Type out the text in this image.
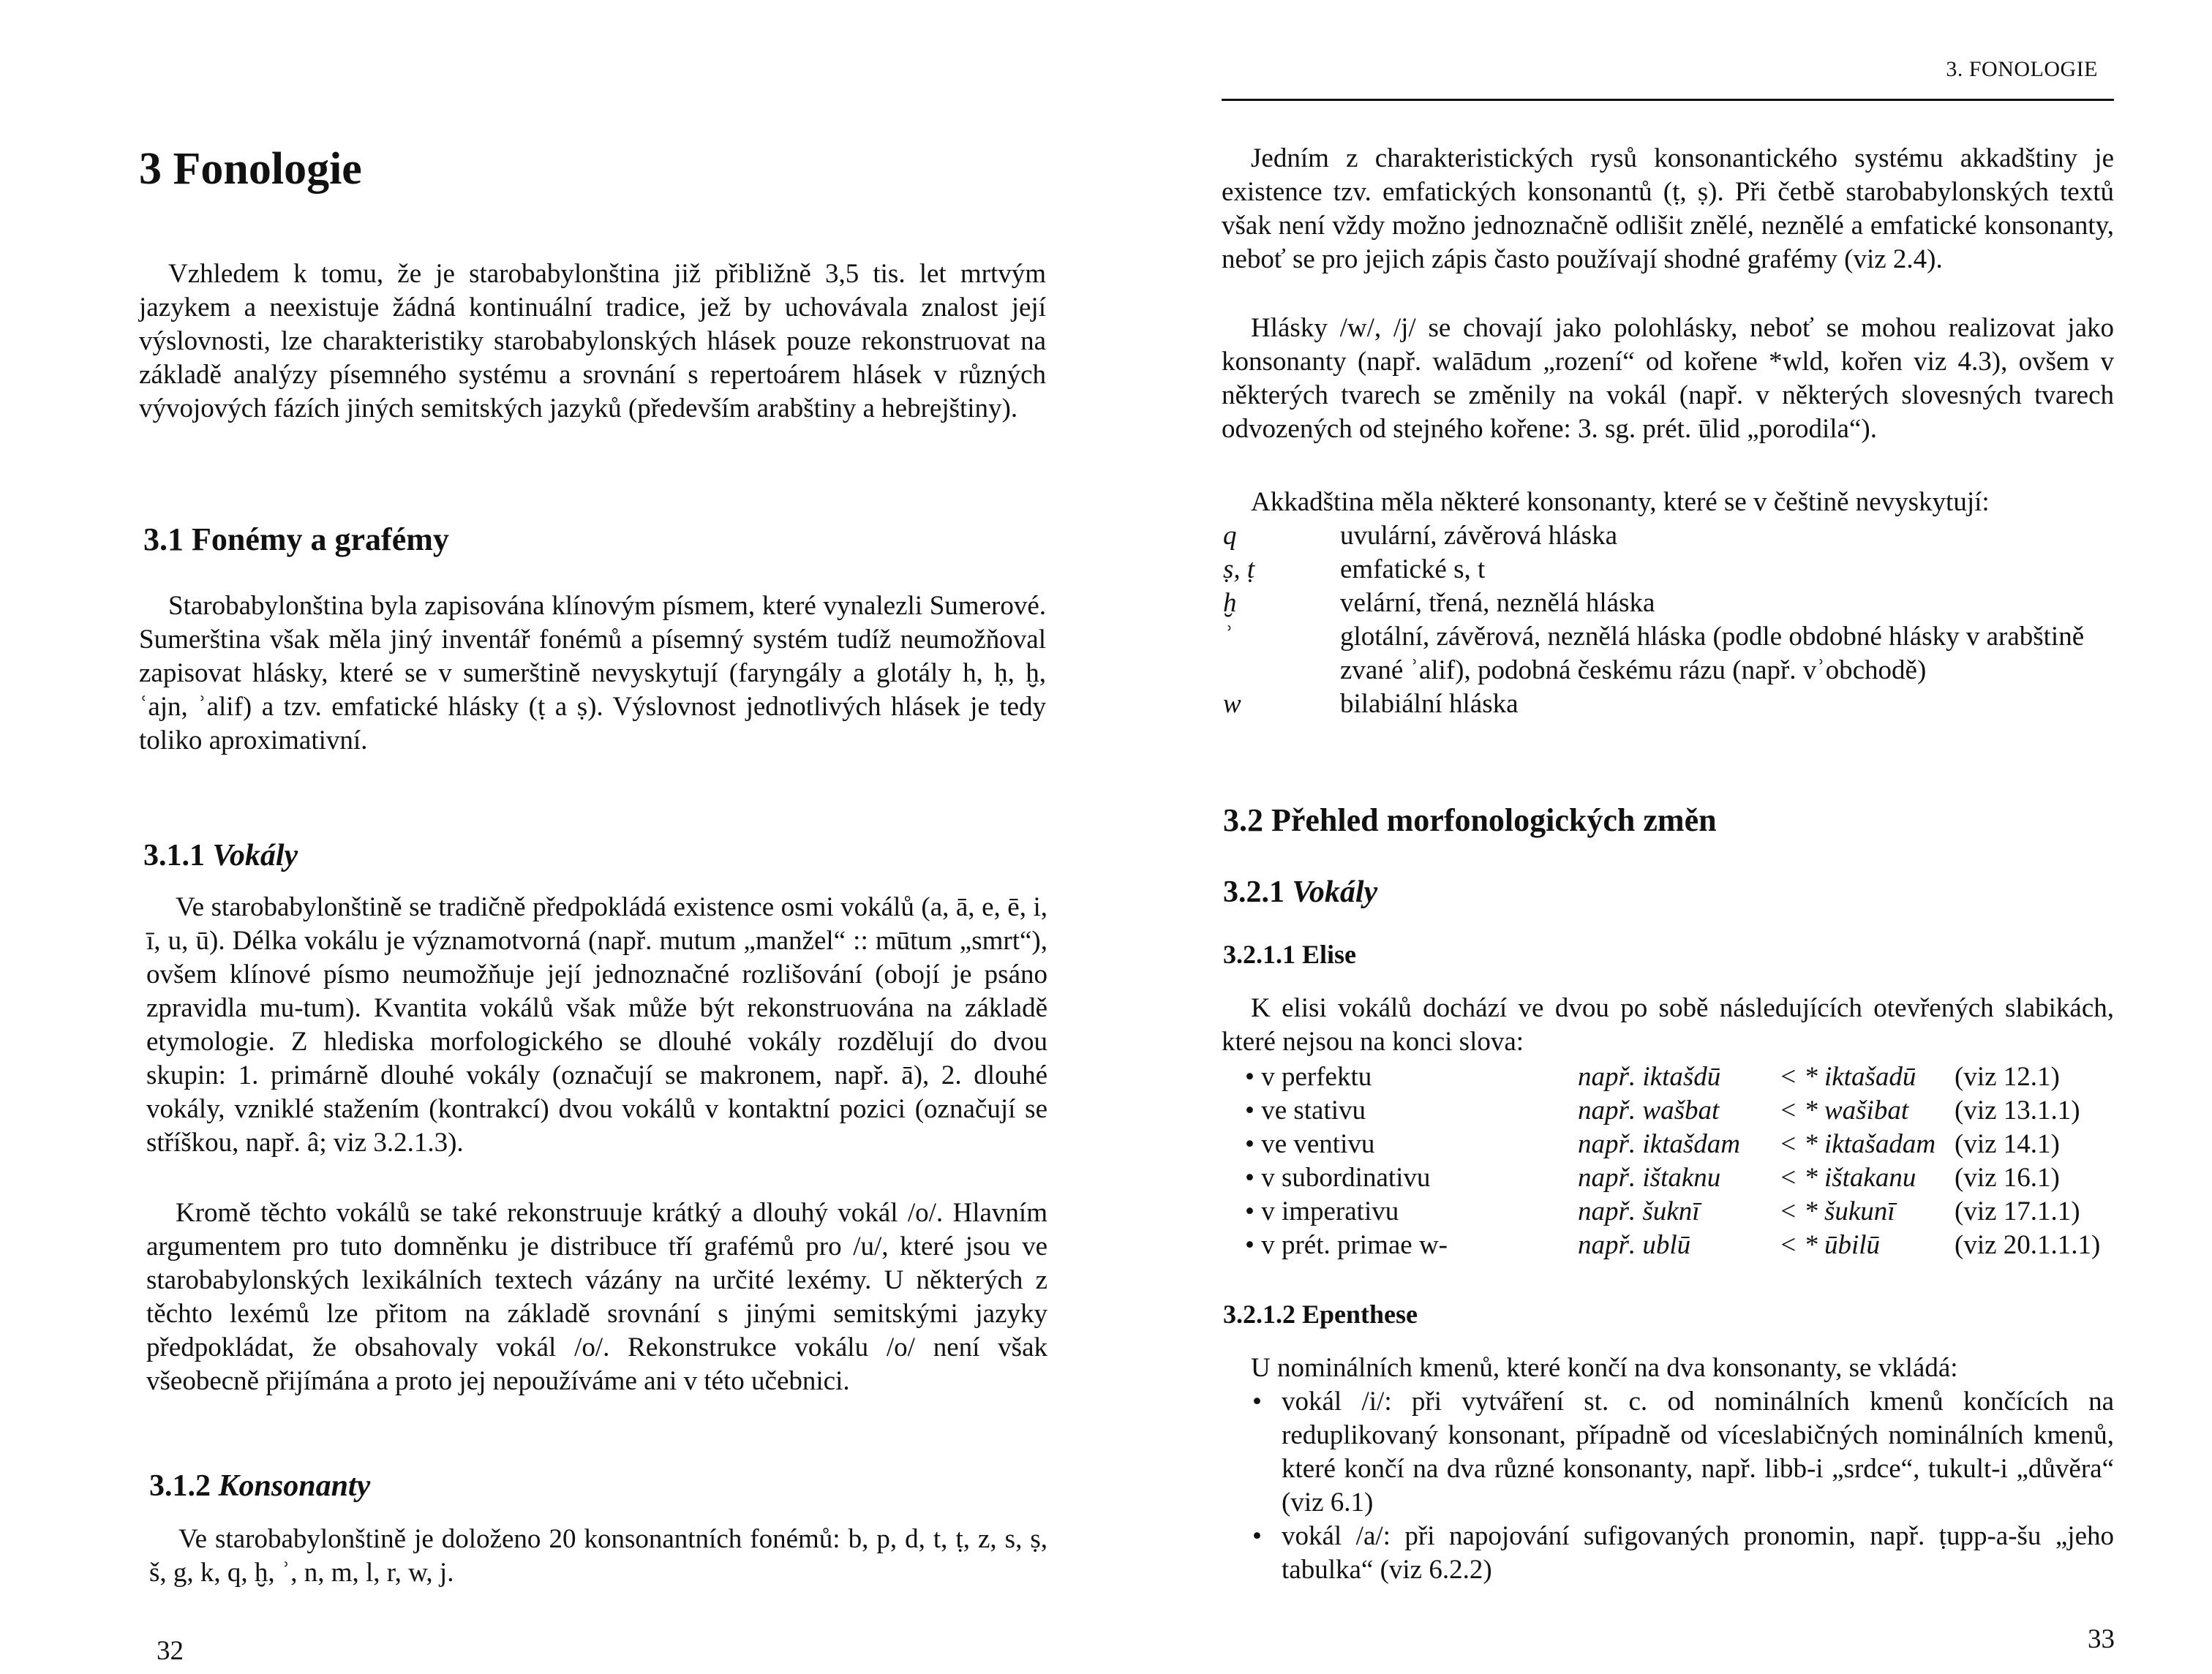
3. FONOLOGIE
3 Fonologie

Vzhledem k tomu, že je starobabylonština již přibližně 3,5 tis. let mrtvým jazykem a neexistuje žádná kontinuální tradice, jež by uchovávala znalost její výslovnosti, lze charakteristiky starobabylonských hlásek pouze rekonstruovat na základě analýzy písemného systému a srovnání s repertoárem hlásek v různých vývojových fázích jiných semitských jazyků (především arabštiny a hebrejštiny).

3.1 Fonémy a grafémy

Starobabylonština byla zapisována klínovým písmem, které vynalezli Sumerové. Sumerština však měla jiný inventář fonémů a písemný systém tudíž neumožňoval zapisovat hlásky, které se v sumerštině nevyskytují (faryngály a glotály h, ḥ, ḫ, ʿajn, ʾalif) a tzv. emfatické hlásky (ṭ a ṣ). Výslovnost jednotlivých hlásek je tedy toliko aproximativní.

3.1.1 Vokály

Ve starobabylonštině se tradičně předpokládá existence osmi vokálů (a, ā, e, ē, i, ī, u, ū). Délka vokálu je významotvorná (např. mutum „manžel“ :: mūtum „smrt“), ovšem klínové písmo neumožňuje její jednoznačné rozlišování (obojí je psáno zpravidla mu-tum). Kvantita vokálů však může být rekonstruována na základě etymologie. Z hlediska morfologického se dlouhé vokály rozdělují do dvou skupin: 1. primárně dlouhé vokály (označují se makronem, např. ā), 2. dlouhé vokály, vzniklé stažením (kontrakcí) dvou vokálů v kontaktní pozici (označují se stříškou, např. â; viz 3.2.1.3).

Kromě těchto vokálů se také rekonstruuje krátký a dlouhý vokál /o/. Hlavním argumentem pro tuto domněnku je distribuce tří grafémů pro /u/, které jsou ve starobabylonských lexikálních textech vázány na určité lexémy. U některých z těchto lexémů lze přitom na základě srovnání s jinými semitskými jazyky předpokládat, že obsahovaly vokál /o/. Rekonstrukce vokálu /o/ není však všeobecně přijímána a proto jej nepoužíváme ani v této učebnici.

3.1.2 Konsonanty

Ve starobabylonštině je doloženo 20 konsonantních fonémů: b, p, d, t, ṭ, z, s, ṣ, š, g, k, q, ḫ, ʾ, n, m, l, r, w, j.

32

Jedním z charakteristických rysů konsonantického systému akkadštiny je existence tzv. emfatických konsonantů (ṭ, ṣ). Při četbě starobabylonských textů však není vždy možno jednoznačně odlišit znělé, neznělé a emfatické konsonanty, neboť se pro jejich zápis často používají shodné grafémy (viz 2.4).

Hlásky /w/, /j/ se chovají jako polohlásky, neboť se mohou realizovat jako konsonanty (např. walādum „rození“ od kořene *wld, kořen viz 4.3), ovšem v některých tvarech se změnily na vokál (např. v některých slovesných tvarech odvozených od stejného kořene: 3. sg. prét. ūlid „porodila“).

Akkadština měla některé konsonanty, které se v češtině nevyskytují:

q	uvulární, závěrová hláska
ṣ, ṭ	emfatické s, t
ḫ	velární, třená, neznělá hláska
ʾ	glotální, závěrová, neznělá hláska (podle obdobné hlásky v arabštině zvané ʾalif), podobná českému rázu (např. vʾobchodě)
w	bilabiální hláska
3.2 Přehled morfonologických změn
3.2.1 Vokály
3.2.1.1 Elise

K elisi vokálů dochází ve dvou po sobě následujících otevřených slabikách, které nejsou na konci slova:

• v perfektu	např. iktašdū	< * iktašadū	(viz 12.1)
• ve stativu	např. wašbat	< * wašibat	(viz 13.1.1)
• ve ventivu	např. iktašdam	< * iktašadam	(viz 14.1)
• v subordinativu	např. ištaknu	< * ištakanu	(viz 16.1)
• v imperativu	např. šuknī	< * šukunī	(viz 17.1.1)
• v prét. primae w-	např. ublū	< * ūbilū	(viz 20.1.1.1)
3.2.1.2 Epenthese

U nominálních kmenů, které končí na dva konsonanty, se vkládá:

• vokál /i/: při vytváření st. c. od nominálních kmenů končících na reduplikovaný konsonant, případně od víceslabičných nominálních kmenů, které končí na dva různé konsonanty, např. libb-i „srdce“, tukult-i „důvěra“ (viz 6.1)
• vokál /a/: při napojování sufigovaných pronomin, např. ṭupp-a-šu „jeho tabulka“ (viz 6.2.2)
33
